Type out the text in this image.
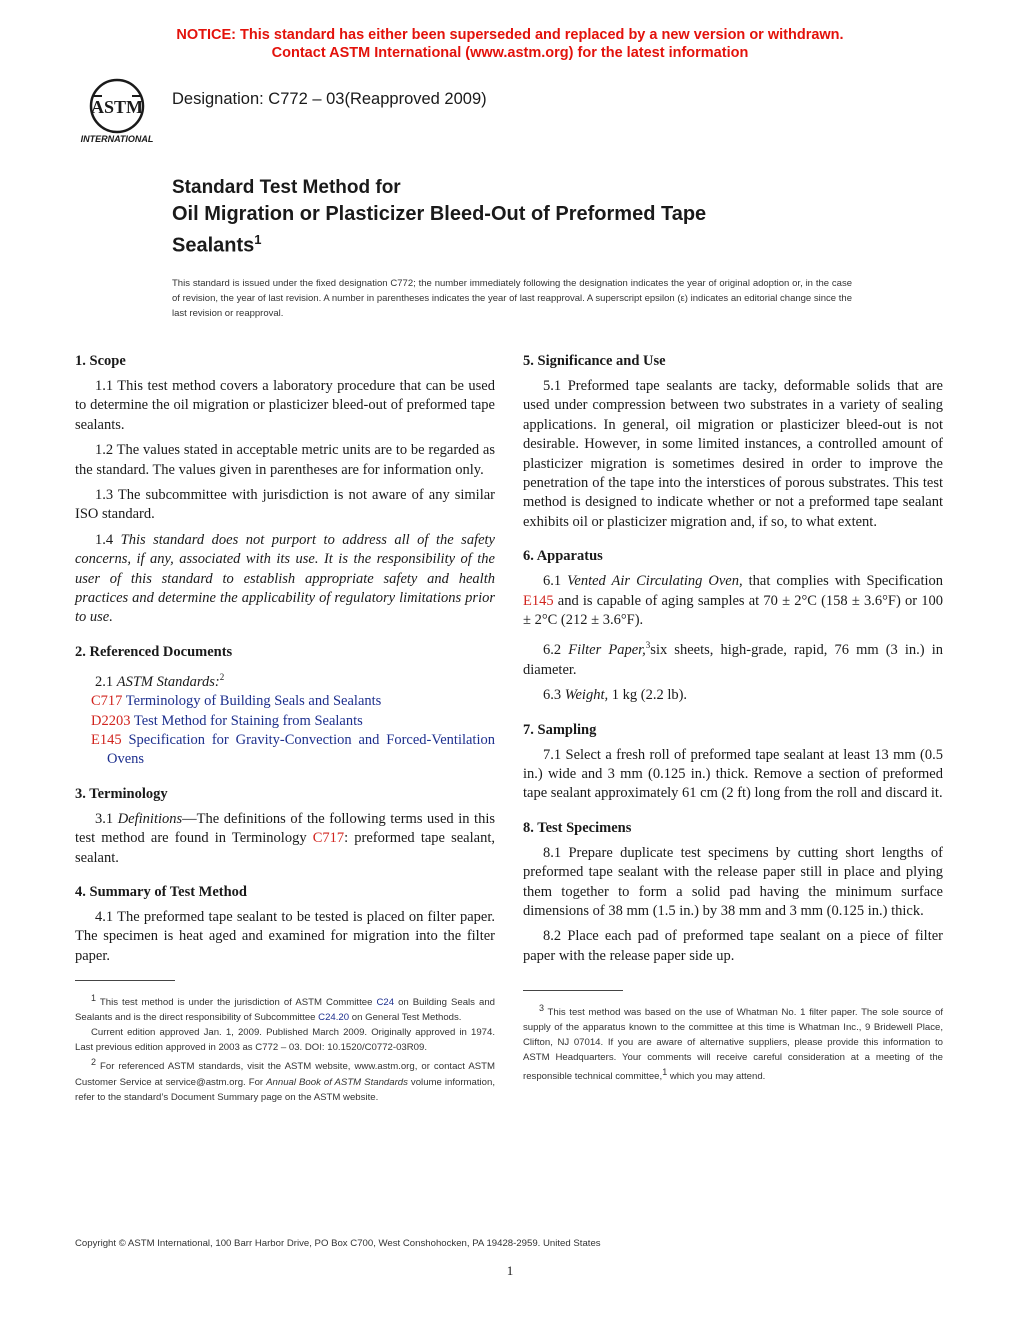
NOTICE: This standard has either been superseded and replaced by a new version or withdrawn.
Contact ASTM International (www.astm.org) for the latest information
ASTM
INTERNATIONAL
Designation: C772 – 03(Reapproved 2009)
Standard Test Method for
Oil Migration or Plasticizer Bleed-Out of Preformed Tape
Sealants$^1$
This standard is issued under the fixed designation C772; the number immediately following the designation indicates the year of original adoption or, in the case of revision, the year of last revision. A number in parentheses indicates the year of last reapproval. A superscript epsilon (ε) indicates an editorial change since the last revision or reapproval.
1. Scope

1.1 This test method covers a laboratory procedure that can be used to determine the oil migration or plasticizer bleed-out of preformed tape sealants.

1.2 The values stated in acceptable metric units are to be regarded as the standard. The values given in parentheses are for information only.

1.3 The subcommittee with jurisdiction is not aware of any similar ISO standard.

1.4 This standard does not purport to address all of the safety concerns, if any, associated with its use. It is the responsibility of the user of this standard to establish appropriate safety and health practices and determine the applicability of regulatory limitations prior to use.

2. Referenced Documents

2.1 ASTM Standards:$^2$

C717 Terminology of Building Seals and Sealants

D2203 Test Method for Staining from Sealants

E145 Specification for Gravity-Convection and Forced-Ventilation Ovens

3. Terminology

3.1 Definitions—The definitions of the following terms used in this test method are found in Terminology C717: preformed tape sealant, sealant.

4. Summary of Test Method

4.1 The preformed tape sealant to be tested is placed on filter paper. The specimen is heat aged and examined for migration into the filter paper.

$^1$ This test method is under the jurisdiction of ASTM Committee C24 on Building Seals and Sealants and is the direct responsibility of Subcommittee C24.20 on General Test Methods.

Current edition approved Jan. 1, 2009. Published March 2009. Originally approved in 1974. Last previous edition approved in 2003 as C772 – 03. DOI: 10.1520/C0772-03R09.

$^2$ For referenced ASTM standards, visit the ASTM website, www.astm.org, or contact ASTM Customer Service at service@astm.org. For Annual Book of ASTM Standards volume information, refer to the standard’s Document Summary page on the ASTM website.

5. Significance and Use

5.1 Preformed tape sealants are tacky, deformable solids that are used under compression between two substrates in a variety of sealing applications. In general, oil migration or plasticizer bleed-out is not desirable. However, in some limited instances, a controlled amount of plasticizer migration is sometimes desired in order to improve the penetration of the tape into the interstices of porous substrates. This test method is designed to indicate whether or not a preformed tape sealant exhibits oil or plasticizer migration and, if so, to what extent.

6. Apparatus

6.1 Vented Air Circulating Oven, that complies with Specification E145 and is capable of aging samples at 70 ± 2°C (158 ± 3.6°F) or 100 ± 2°C (212 ± 3.6°F).

6.2 Filter Paper,$^3$six sheets, high-grade, rapid, 76 mm (3 in.) in diameter.

6.3 Weight, 1 kg (2.2 lb).

7. Sampling

7.1 Select a fresh roll of preformed tape sealant at least 13 mm (0.5 in.) wide and 3 mm (0.125 in.) thick. Remove a section of preformed tape sealant approximately 61 cm (2 ft) long from the roll and discard it.

8. Test Specimens

8.1 Prepare duplicate test specimens by cutting short lengths of preformed tape sealant with the release paper still in place and plying them together to form a solid pad having the minimum surface dimensions of 38 mm (1.5 in.) by 38 mm and 3 mm (0.125 in.) thick.

8.2 Place each pad of preformed tape sealant on a piece of filter paper with the release paper side up.

$^3$ This test method was based on the use of Whatman No. 1 filter paper. The sole source of supply of the apparatus known to the committee at this time is Whatman Inc., 9 Bridewell Place, Clifton, NJ 07014. If you are aware of alternative suppliers, please provide this information to ASTM Headquarters. Your comments will receive careful consideration at a meeting of the responsible technical committee,$^1$ which you may attend.

Copyright © ASTM International, 100 Barr Harbor Drive, PO Box C700, West Conshohocken, PA 19428-2959. United States
1
